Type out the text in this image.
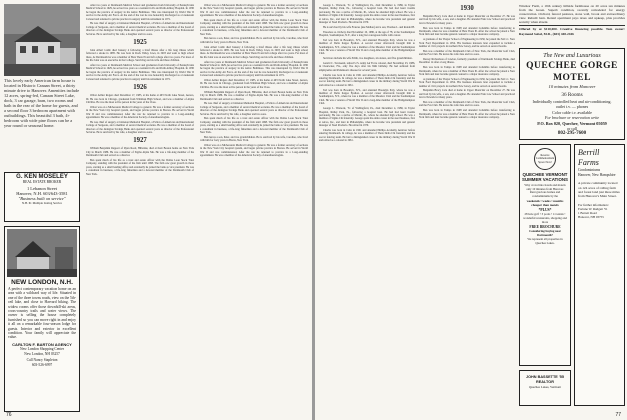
This lovely early American farm house is located in Historic Canaan Street, a thirty minute drive to Hanover. Amenities include 12 acres, spring-fed, Canaan Street Lake, dock, 3 car garage, barn, two rooms and bath in the rear of the home for guests, and a second floor 3 bedroom apartment with outbuildings. This beautiful 3 bath, 4+ bedroom with wide pine floors can be a year round or seasonal home.
G. KEN MOSELEY
REAL ESTATE BROKER
1 Lebanon Street
Hanover, N.H. 603/643-3581
"Business built on service"
N.H. Pr. Multiple Listing Service
NEW LONDON, N.H.
A perfect contemporary vacation home on an area with a wildcard way of life. Situated in one of the three towns roads, view on the 5th-ceil lake, and close to Harvard biking. The widow rooms offer those downhill-ski areas, cross-country trails and water views. The owner is selling the house completely furnished so you can move right in and enjoy it all on a remarkable four-season lodge for guests. Interior and exterior in excellent condition. Your family will appreciate the value.
CARLTON F. BARTON AGENCY
New London Shopping Center
New London, NH 03257
Call Nancy Stapleton
603-526-6997

After two years at Dartmouth Medical School and graduation from University of Pennsylvania Medical School in 1929, he served two years as a resident in Pa and Perth Amboy Hospital. In 1930 he began the practice of surgery in his native Baltimore. This was interrupted by World War II service in the Army Air Force. At the end of the war he was honorably discharged as a Lieutenant Colonel and returned to private practice in surgery until his retirement in 1971.

He was chief of surgery at Johnston Memorial Hospital, a Fellow of American and International College of Surgeons, and a member of several medical societies. He was a member of the board of directors of the Abington Savings Bank and operated several years as director of the Professional Services. He is survived by his wife, a daughter and two sons.

1925

John Albert Lamb died January 4 following a brief illness after a life long illness which followed a stroke in 1985. He was born in Rock Valley, Iowa, in 1903 and went to high school there. At Dartmouth he was a member of Beta Theta Pi and left college after two years. For most of his life John was an executive in the College. Surviving are his wife and three children.

After two years at Dartmouth Medical School and graduation from University of Pennsylvania Medical School in 1929, he served two years as a resident in Pa and Perth Amboy Hospital. In 1930 he began the practice of surgery in his native Baltimore. This was interrupted by World War II service in the Army Air Force. At the end of the war he was honorably discharged as a Lieutenant Colonel and returned to private practice in surgery until his retirement in 1971.

1926

Oliver Arthur Rogers died December 17, 1985, at his home at 493 North Lake Street, Aurora, Ill. He was born in Chicago, graduated from Whitman High School, and was a member of Alpha Chi Rho. He was the most active person in the years of the Class.

Oliver was on a Midwestern Medical College to general. He was a former secretary of sections in the New York City hospital system, and began private practice in Boston. He served in World War II and was commissioned. After the war he returned to practice in a Long-standing appointment. He was a member of the American Society of Anesthesiologists.

He was chief of surgery at Johnston Memorial Hospital, a Fellow of American and International College of Surgeons, and a member of several medical societies. He was a member of the board of directors of the Abington Savings Bank and operated several years as director of the Professional Services. He is survived by his wife, a daughter and two sons.

1927

William Benjamin Rapport of Ryan Road, Hillsdale, died at their Boston home on New York City in March 1986. He was a member of Sigma Alpha Mu. He was a life-long member of the Dartmouth Club and served as a director.

Ben spent much of his life as a trust and estate officer with the Dallas Loan Stock Trust Company, standing with the president of the firm until 1968. The firm saw great growth in those years, starting as a small lending office and eventually he joined the bank as vice president. He was a consultant in business, a life-long fisherman and a devoted member of the Dartmouth Club of New York.

Oliver was on a Midwestern Medical College to general. He was a former secretary of sections in the New York City hospital system, and began private practice in Boston. He served in World War II and was commissioned. After the war he returned to practice in a Long-standing appointment. He was a member of the American Society of Anesthesiologists.

Ben spent much of his life as a trust and estate officer with the Dallas Loan Stock Trust Company, standing with the president of the firm until 1968. The firm saw great growth in those years, starting as a small lending office and eventually he joined the bank as vice president. He was a consultant in business, a life-long fisherman and a devoted member of the Dartmouth Club of New York.

Ben leaves a son, Peter, and two grandchildren. He is survived by his wife, Caroline, who lived with him for forty years in Bronx, New York.

John Albert Lamb died January 4 following a brief illness after a life long illness which followed a stroke in 1985. He was born in Rock Valley, Iowa, in 1903 and went to high school there. At Dartmouth he was a member of Beta Theta Pi and left college after two years. For most of his life John was an executive in the College. Surviving are his wife and three children.

After two years at Dartmouth Medical School and graduation from University of Pennsylvania Medical School in 1929, he served two years as a resident in Pa and Perth Amboy Hospital. In 1930 he began the practice of surgery in his native Baltimore. This was interrupted by World War II service in the Army Air Force. At the end of the war he was honorably discharged as a Lieutenant Colonel and returned to private practice in surgery until his retirement in 1971.

Oliver Arthur Rogers died December 17, 1985, at his home at 493 North Lake Street, Aurora, Ill. He was born in Chicago, graduated from Whitman High School, and was a member of Alpha Chi Rho. He was the most active person in the years of the Class.

William Benjamin Rapport of Ryan Road, Hillsdale, died at their Boston home on New York City in March 1986. He was a member of Sigma Alpha Mu. He was a life-long member of the Dartmouth Club and served as a director.

He was chief of surgery at Johnston Memorial Hospital, a Fellow of American and International College of Surgeons, and a member of several medical societies. He was a member of the board of directors of the Abington Savings Bank and operated several years as director of the Professional Services. He is survived by his wife, a daughter and two sons.

Ben spent much of his life as a trust and estate officer with the Dallas Loan Stock Trust Company, standing with the president of the firm until 1968. The firm saw great growth in those years, starting as a small lending office and eventually he joined the bank as vice president. He was a consultant in business, a life-long fisherman and a devoted member of the Dartmouth Club of New York.

Ben leaves a son, Peter, and two grandchildren. He is survived by his wife, Caroline, who lived with him for forty years in Bronx, New York.

Oliver was on a Midwestern Medical College to general. He was a former secretary of sections in the New York City hospital system, and began private practice in Boston. He served in World War II and was commissioned. After the war he returned to practice in a Long-standing appointment. He was a member of the American Society of Anesthesiologists.

76

George L. Warnock, '31 of Wallingford, Pa., died December 4, 1986, in Taylor Hospital, Ridley Park, Pa., following a hospital bout. He had had heart trouble previously. He was a native of Martin, Ill., where he attended high school. He was a member of Sigma Chi fraternity. George spent his entire career in the steel business, first at Alcoa, Inc., and later in Philadelphia, where he became vice president and general manager of Steel Products. He retired in 1970.

He is survived by his wife Frances (née Mallon) and a son, Thomas L. and Ronald H.

Theodore A. Ordway died November 10, 1986, at the age of 78, at the Southampton Hospital, Southampton, N.Y., after a long but courageous battle with cancer.

Ted was born in Brooklyn, N.Y., and attended Brooklyn Poly, where he was a member of Delta Kappa Epsilon. A second career afterwards brought him to Southampton, N.Y., where he was a member of the Meadow Club and the Southampton Club. He was a veteran of World War II and a long-time member of the Bridgehampton Club.

Survivors include his wife Edith, two daughters, six sisters, and five grandchildren.

Gerald C. Townsend, retired U.S. Army Air Force colonel, died November 23, 1986, in Clearwater, Fla., only five days after his 84th birthday. He had suffered from emphysema and Parkinson's disease for several years.

Charlie was born in Cuba in 1901 and attended Phillips Academy Andover before entering Dartmouth. In college, he was a member of Theta Delta Chi fraternity and the soccer fencing team. He had a distinguished career in the military during World War II and retired as a colonel in 1961.

Ted was born in Brooklyn, N.Y., and attended Brooklyn Poly, where he was a member of Delta Kappa Epsilon. A second career afterwards brought him to Southampton, N.Y., where he was a member of the Meadow Club and the Southampton Club. He was a veteran of World War II and a long-time member of the Bridgehampton Club.

George L. Warnock, '31 of Wallingford, Pa., died December 4, 1986, in Taylor Hospital, Ridley Park, Pa., following a hospital bout. He had had heart trouble previously. He was a native of Martin, Ill., where he attended high school. He was a member of Sigma Chi fraternity. George spent his entire career in the steel business, first at Alcoa, Inc., and later in Philadelphia, where he became vice president and general manager of Steel Products. He retired in 1970.

Charlie was born in Cuba in 1901 and attended Phillips Academy Andover before entering Dartmouth. In college, he was a member of Theta Delta Chi fraternity and the soccer fencing team. He had a distinguished career in the military during World War II and retired as a colonel in 1961.

1930

Benjamin Bracy Cole died at home in Upper Montclair on December 27. He was survived by his wife, a son, and a daughter. He attended Yale Law School and practiced law in Newark for many years.

Ben was born in Tampa in 1908 and attended Columbia before transferring to Dartmouth, where he was a member of Beta Theta Pi. After law school he joined a New York firm and later became general counsel to a major insurance company.

A graduate of the Thayer School of Engineering in 1930, he joined the M.C.C. New York Ford Department in 1954. His business interests later expanded to include a number of civic projects in northern New Jersey, and he served on several boards.

Ben was a member of the Dartmouth Club of New York, the Montclair Golf Club, and the Fox Club. He leaves his wife Jane and two sons.

Dewey Richardson of Lawton, formerly president of Dartmouth Savings Bank, died December 14 after a long illness.

Ben was born in Tampa in 1908 and attended Columbia before transferring to Dartmouth, where he was a member of Beta Theta Pi. After law school he joined a New York firm and later became general counsel to a major insurance company.

A graduate of the Thayer School of Engineering in 1930, he joined the M.C.C. New York Ford Department in 1954. His business interests later expanded to include a number of civic projects in northern New Jersey, and he served on several boards.

Benjamin Bracy Cole died at home in Upper Montclair on December 27. He was survived by his wife, a son, and a daughter. He attended Yale Law School and practiced law in Newark for many years.

Ben was a member of the Dartmouth Club of New York, the Montclair Golf Club, and the Fox Club. He leaves his wife Jane and two sons.

Ben was born in Tampa in 1908 and attended Columbia before transferring to Dartmouth, where he was a member of Beta Theta Pi. After law school he joined a New York firm and later became general counsel to a major insurance company.

Windsor Farm, a 19th century hillside farmhouse on 20 acres ten minutes from the Green. Superb condition, recently remodeled for energy conservation. Orchard, fenced pastures, stone wall, brook and extraordinary view. Rebuilt barn. Rental apartment pays taxes and upkeep, plus provides security when absent.
Offered by at $110,000. Creative financing possible. Tom owner: Raymond Sobel, M.D., (603) 448-2446
The New and Luxurious
QUECHEE GORGE MOTEL
10 minutes from Hanover
36 Rooms
Individually controlled heat and air-conditioning.
outlet t.v. — phones
Color cable t.v. available
For brochure or reservation write
P.O. Box 020, Quechee, Vermont 05059
or call
802-295-7600
Reserve Commencement Space Now!
QUECHEE VERMONT
SUMMER VACATIONS
Why crowd into hotels and motels only 10 minutes from Hanover.
Rent gracious homes and condominiums by the
weekends • weeks • months
cheaper than motels
*PLUS*
28 hole golf • 3 pools • 11 tennis • wonderful restaurants, shopping and more
FREE BROCHURE
Considering buying near Dartmouth?
We represent all properties in Quechee Lakes.
JOHN BASSETTE '55 REALTOR
Quechee Lakes, Vermont
Berrill Farms
Condominiums
Hanover, New Hampshire
A private community located on 124 acres of rolling farm and forest land just three miles from Hanover's Main Street.
For further information:
Fortune W. Rudgett '51
1 Barrett Road
Hanover, NH 03755
77
